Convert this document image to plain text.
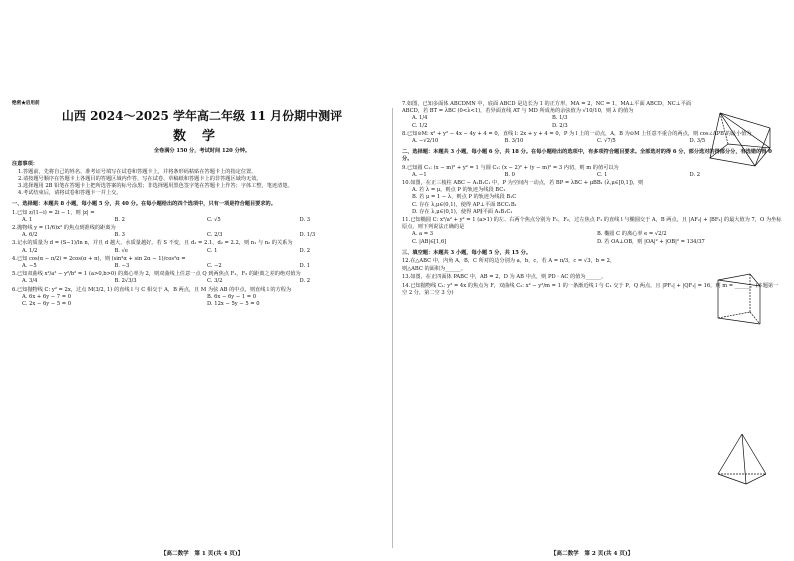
绝密★启用前
山西 2024～2025 学年高二年级 11 月份期中测评
数学
全卷满分 150 分，考试时间 120 分钟。
注意事项：
1.答题前，先将自己的姓名、准考证号填写在试卷和答题卡上，并将条形码粘贴在答题卡上的指定位置。
2.请按题号顺序在答题卡上各题目的答题区域内作答，写在试卷、草稿纸和答题卡上的非答题区域均无效。
3.选择题用 2B 铅笔在答题卡上把所选答案的标号涂黑；非选择题用黑色签字笔在答题卡上作答；字体工整，笔迹清楚。
4.考试结束后，请将试卷和答题卡一并上交。
一、选择题：本题共 8 小题，每小题 5 分，共 40 分。在每小题给出的四个选项中，只有一项是符合题目要求的。
1.已知 z/(1−i) = 2i − 1，则 |z| =
A. 1	B. 2	C. √5	D. 3
2.抛物线 y = (1/6)x² 的焦点到准线的距离为
A. 6/2	B. 3	C. 2/3	D. 1/3
3.记水的质量为 d = (S−1)/ln n，并且 d 越大，水质量越好。若 S 不变，且 d₁ = 2.1，d₂ = 2.2，则 n₁ 与 n₂ 的关系为
A. 1/2	B. √e	C. 1	D. 2
4.已知 cos(α − π/2) = 2cos(α + π)，则 (sin²α + sin 2α − 1)/cos²α =
A. −5	B. −3	C. −2	D. 1
5.已知双曲线 x²/a² − y²/b² = 1 (a>0,b>0) 的离心率为 2，则双曲线上任意一点 Q 到两焦点 F₁，F₂ 的距离之差的绝对值为
A. 3/4	B. 2√3/3	C. 3/2	D. 2
6.已知抛物线 C: y² = 2x，过点 M(3/2, 1) 的直线 l 与 C 相交于 A，B 两点，且 M 为弦 AB 的中点，则直线 l 的方程为
A. 6x + 6y − 7 = 0	B. 6x − 6y − 1 = 0
C. 2x − 6y − 5 = 0	D. 12x − 5y − 5 = 0
【高二数学　第 1 页(共 4 页)】
7.如图，已知多面体 ABCDMN 中，底面 ABCD 是边长为 1 的正方形，MA = 2，NC = 1，MA⊥平面 ABCD，NC⊥平面 ABCD，若 BT = λBC (0<λ<1)，若异面直线 AT 与 MD 所成角的余弦值为 √10/10，则 λ 的值为
A. 1/4	B. 1/3
C. 1/2	D. 2/3
8.已知⊙M: x² + y² − 4x − 4y + 4 = 0，直线 l: 2x + y + 4 = 0，P 为 l 上的一动点，A，B 为⊙M 上任意不重合的两点，则 cos∠APB 的最小值为
A. −√2/10	B. 3/10	C. √7/5	D. 3/5
二、选择题：本题共 3 小题，每小题 6 分，共 18 分。在每小题给出的选项中，有多项符合题目要求。全部选对的得 6 分，部分选对的得部分分，有选错的得 0 分。
9.已知圆 C₁: (x − m)² + y² = 1 与圆 C₂: (x − 2)² + (y − m)² = 3 内切，则 m 的值可以为
A. −1	B. 0	C. 1	D. 2
10.如图，在正三棱柱 ABC − A₁B₁C₁ 中，P 为空间内一动点，若 BP = λBC + μBB₁ (λ,μ∈[0,1])，则
A. 若 λ = μ，则点 P 的轨迹为线段 BC₁
B. 若 μ = 1 − λ，则点 P 的轨迹为线段 B₁C
C. 存在 λ,μ∈(0,1)，使得 AP⊥平面 BCC₁B₁
D. 存在 λ,μ∈(0,1)，使得 AP∥平面 A₁B₁C₁
11.已知椭圆 C: x²/a² + y² = 1 (a>1) 的左、右两个焦点分别为 F₁，F₂，过左焦点 F₁ 的直线 l 与椭圆交于 A，B 两点，且 |AF₂| + |BF₂| 的最大值为 7，O 为坐标原点，则下列说法正确的是
A. a = 3	B. 椭圆 C 的离心率 e = √2/2
C. |AB|∈[1,6]	D. 若 OA⊥OB，则 |OA|² + |OB|² = 134/37
三、填空题：本题共 3 小题，每小题 5 分，共 15 分。
12.在△ABC 中，内角 A，B，C 所对的边分别为 a，b，c，若 A = π/3，c = √3，b = 2，
则△ABC 的面积为______。
13.如图，在正四面体 PABC 中，AB = 2，D 为 AB 中点，则 PD · AC 的值为______。
14.已知抛物线 C₁: y² = 4x 的焦点为 F，双曲线 C₂: x² − y²/m = 1 的一条渐近线 l 与 C₁ 交于 P，Q 两点，且 |PF₁| + |QF₁| = 16，则 m = ______。(本题第一空 2 分，第二空 3 分)
【高二数学　第 2 页(共 4 页)】
